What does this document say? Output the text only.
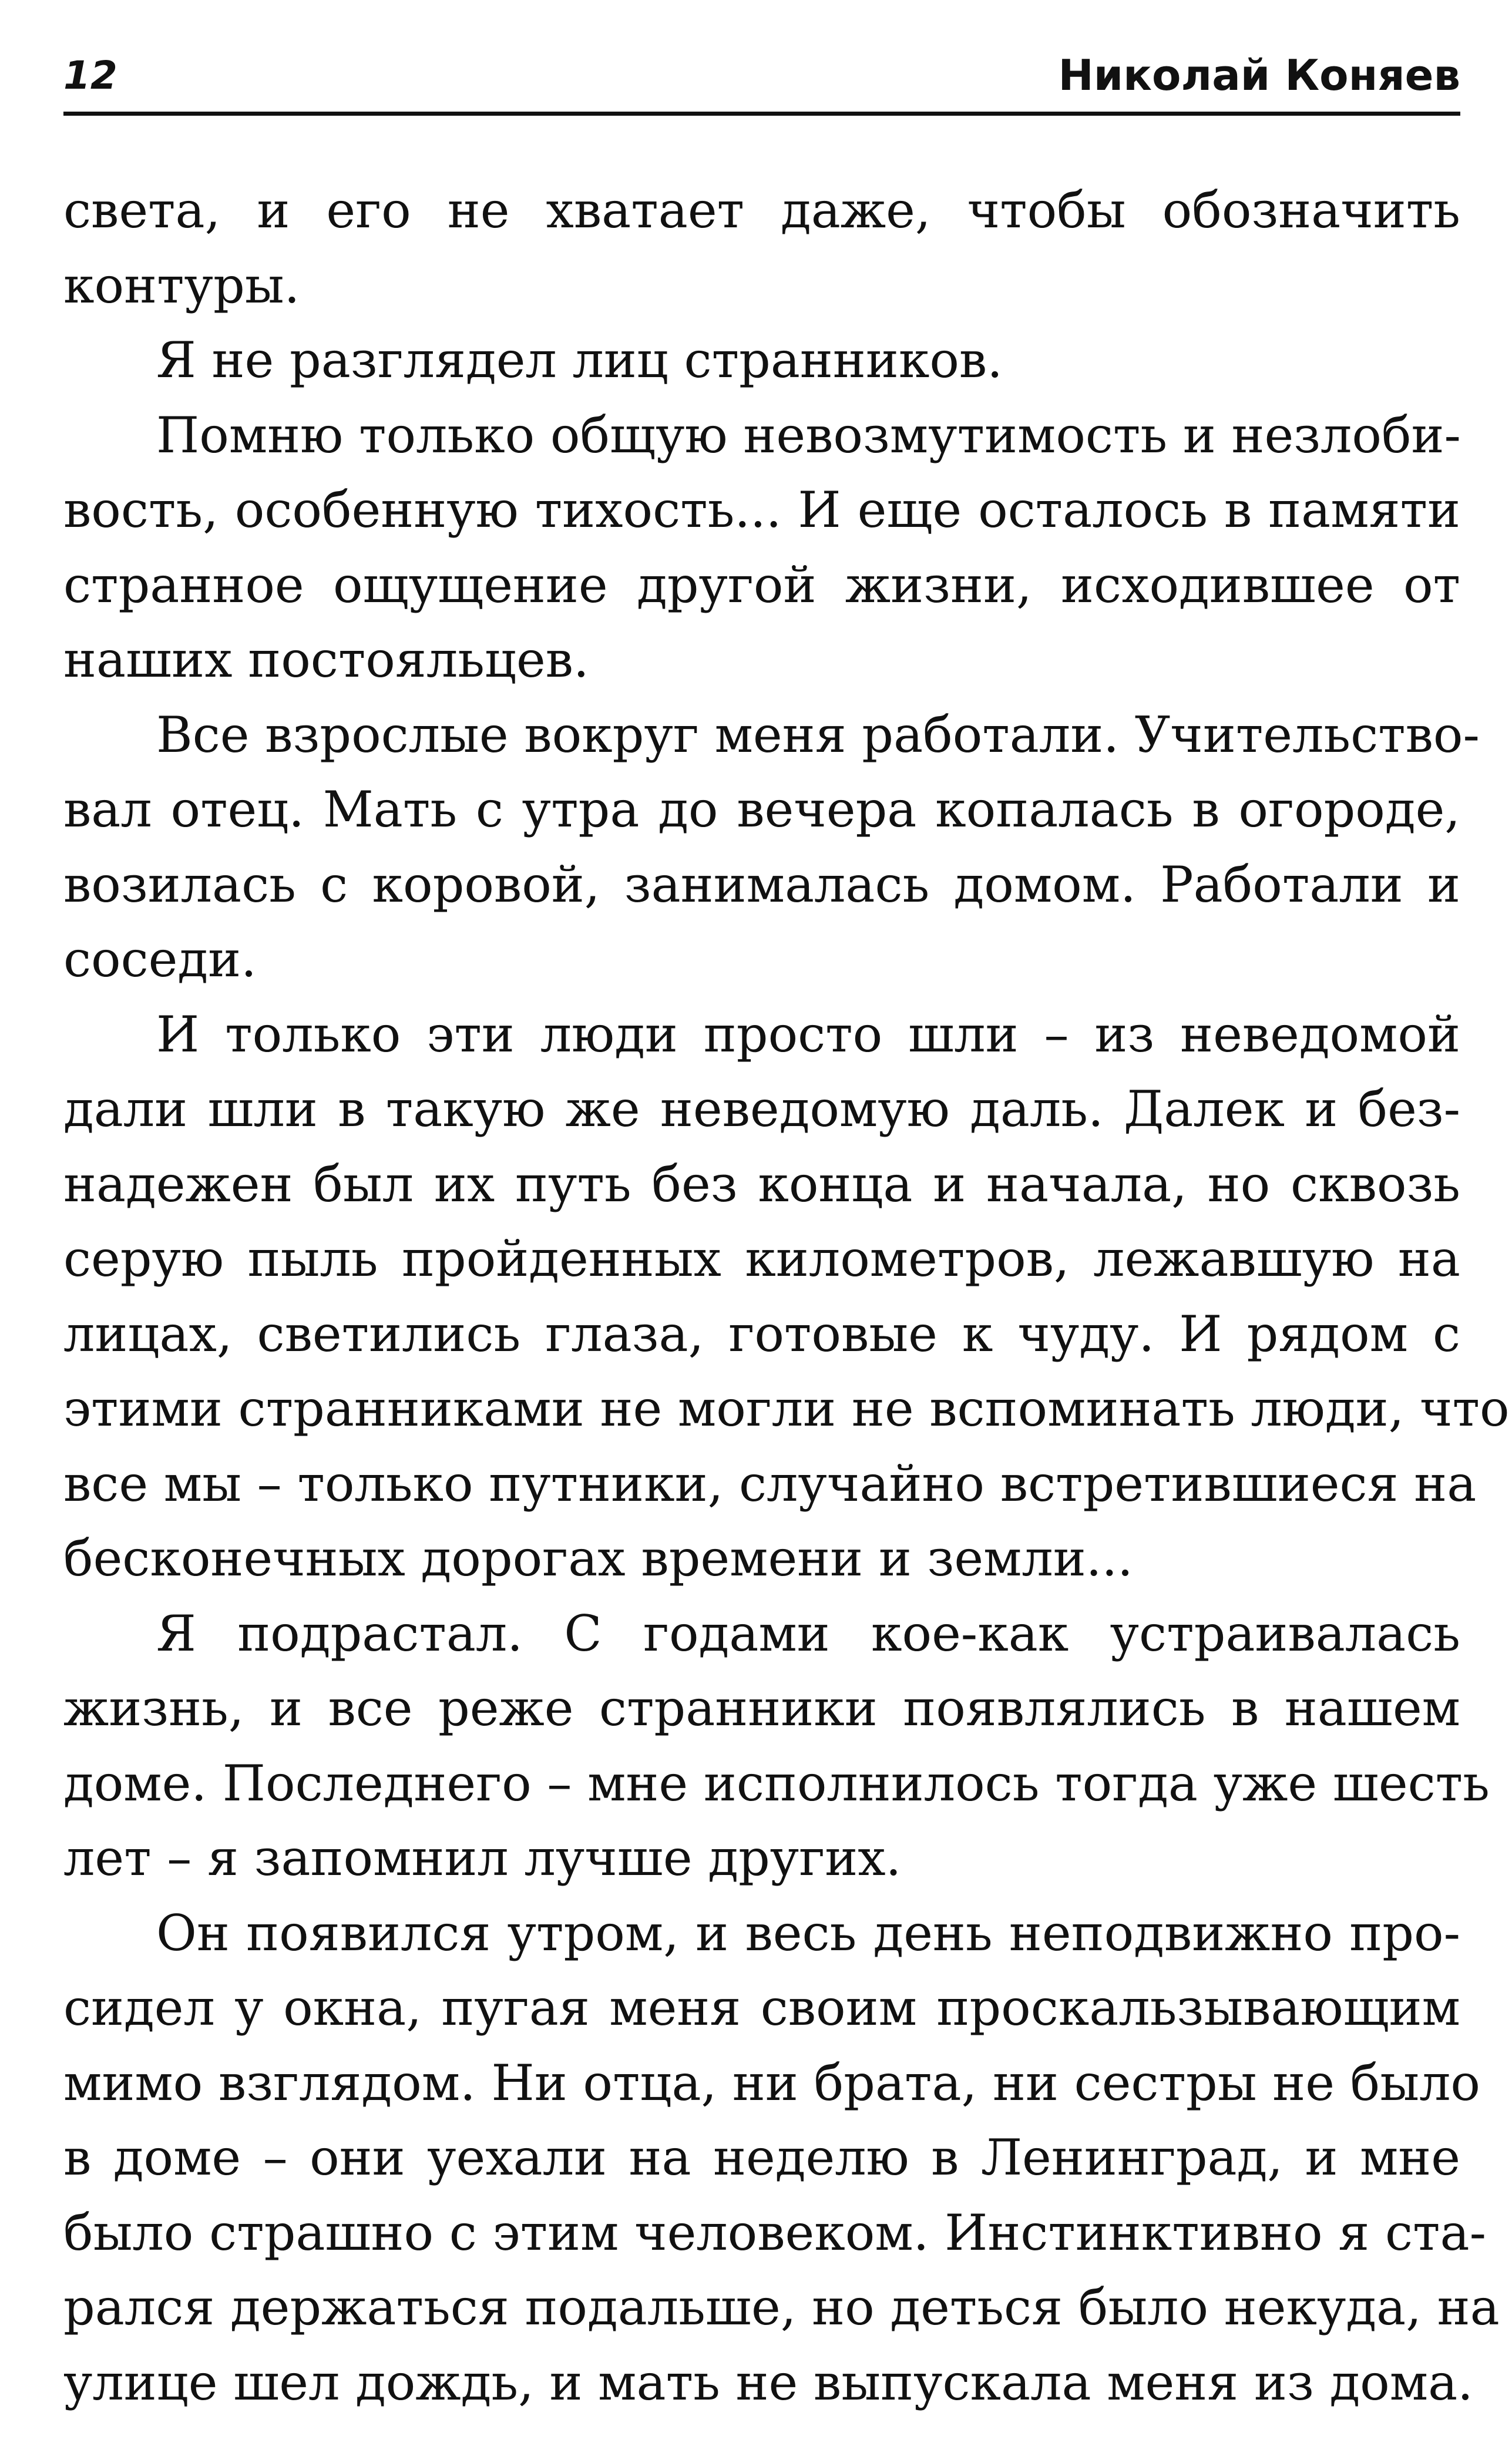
12	Николай Коняев

света, и его не хватает даже, чтобы обозначить
контуры.

Я не разглядел лиц странников.

Помню только общую невозмутимость и незлоби-
вость, особенную тихость... И еще осталось в памяти
странное ощущение другой жизни, исходившее от
наших постояльцев.

Все взрослые вокруг меня работали. Учительство-
вал отец. Мать с утра до вечера копалась в огороде,
возилась с коровой, занималась домом. Работали и
соседи.

И только эти люди просто шли – из неведомой
дали шли в такую же неведомую даль. Далек и без-
надежен был их путь без конца и начала, но сквозь
серую пыль пройденных километров, лежавшую на
лицах, светились глаза, готовые к чуду. И рядом с
этими странниками не могли не вспоминать люди, что
все мы – только путники, случайно встретившиеся на
бесконечных дорогах времени и земли...

Я подрастал. С годами кое-как устраивалась
жизнь, и все реже странники появлялись в нашем
доме. Последнего – мне исполнилось тогда уже шесть
лет – я запомнил лучше других.

Он появился утром, и весь день неподвижно про-
сидел у окна, пугая меня своим проскальзывающим
мимо взглядом. Ни отца, ни брата, ни сестры не было
в доме – они уехали на неделю в Ленинград, и мне
было страшно с этим человеком. Инстинктивно я ста-
рался держаться подальше, но деться было некуда, на
улице шел дождь, и мать не выпускала меня из дома.
